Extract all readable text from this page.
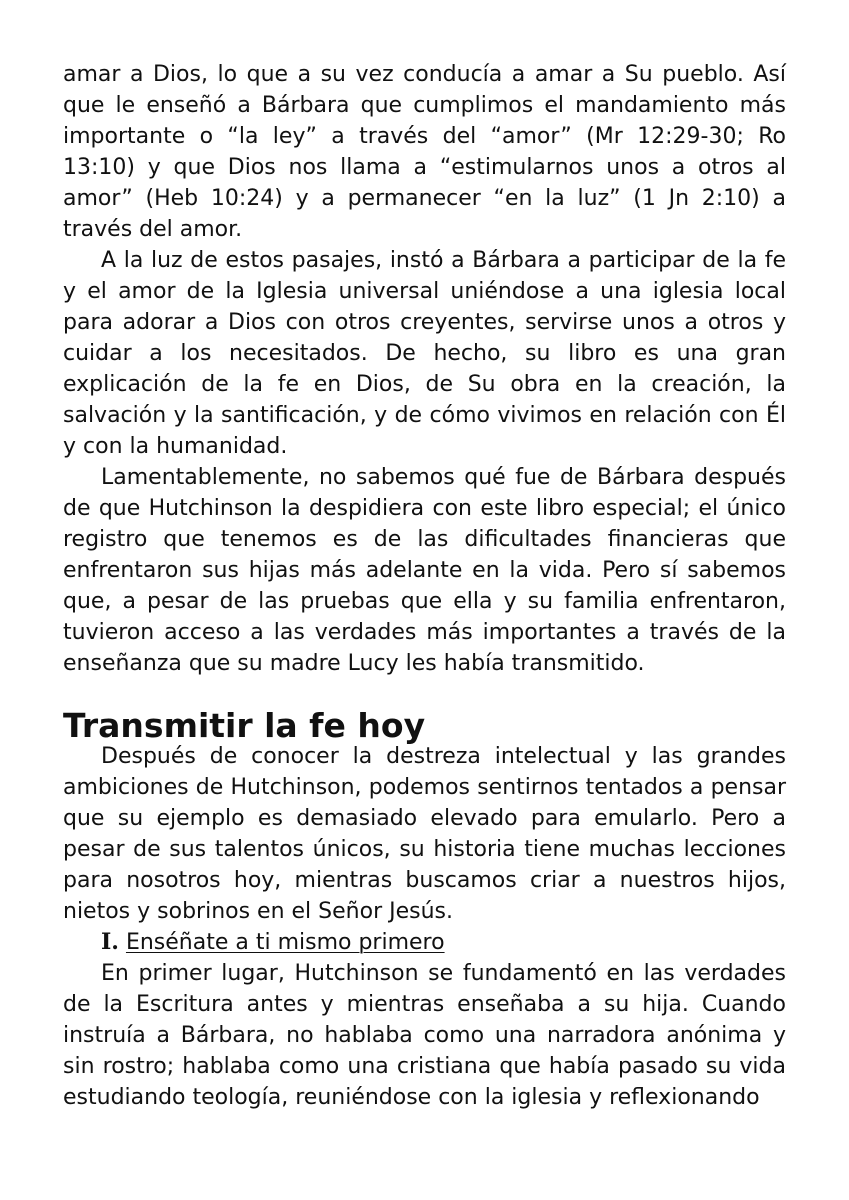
amar a Dios, lo que a su vez conducía a amar a Su pueblo. Así que le enseñó a Bárbara que cumplimos el mandamiento más importante o “la ley” a través del “amor” (Mr 12:29-30; Ro 13:10) y que Dios nos llama a “estimularnos unos a otros al amor” (Heb 10:24) y a permanecer “en la luz” (1 Jn 2:10) a través del amor.

A la luz de estos pasajes, instó a Bárbara a participar de la fe y el amor de la Iglesia universal uniéndose a una iglesia local para adorar a Dios con otros creyentes, servirse unos a otros y cuidar a los necesitados. De hecho, su libro es una gran explicación de la fe en Dios, de Su obra en la creación, la salvación y la santificación, y de cómo vivimos en relación con Él y con la humanidad.

Lamentablemente, no sabemos qué fue de Bárbara después de que Hutchinson la despidiera con este libro especial; el único registro que tenemos es de las dificultades financieras que enfrentaron sus hijas más adelante en la vida. Pero sí sabemos que, a pesar de las pruebas que ella y su familia enfrentaron, tuvieron acceso a las verdades más importantes a través de la enseñanza que su madre Lucy les había transmitido.

Transmitir la fe hoy

Después de conocer la destreza intelectual y las grandes ambiciones de Hutchinson, podemos sentirnos tentados a pensar que su ejemplo es demasiado elevado para emularlo. Pero a pesar de sus talentos únicos, su historia tiene muchas lecciones para nosotros hoy, mientras buscamos criar a nuestros hijos, nietos y sobrinos en el Señor Jesús.

I. Enséñate a ti mismo primero

En primer lugar, Hutchinson se fundamentó en las verdades de la Escritura antes y mientras enseñaba a su hija. Cuando instruía a Bárbara, no hablaba como una narradora anónima y sin rostro; hablaba como una cristiana que había pasado su vida estudiando teología, reuniéndose con la iglesia y reflexionando
